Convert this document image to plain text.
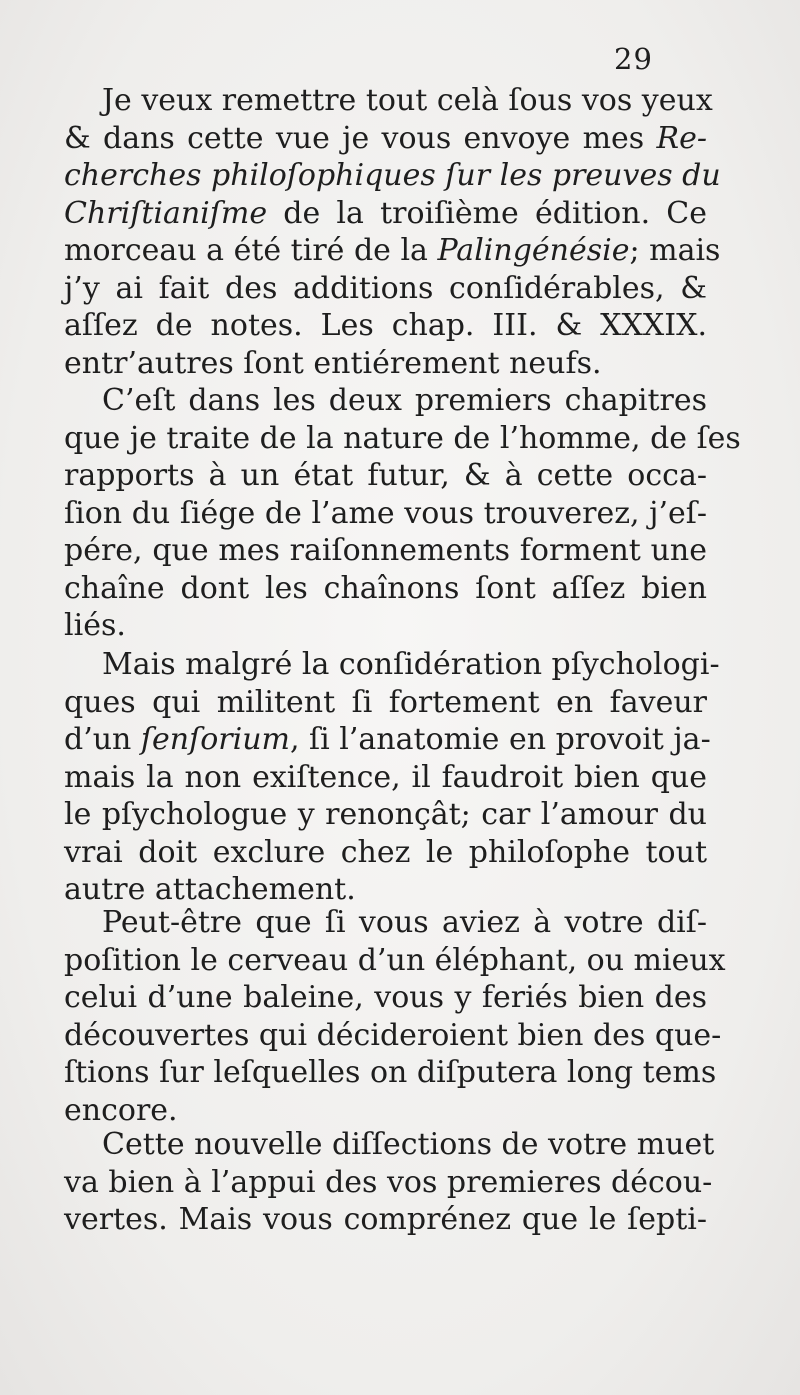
29
Je veux remettre tout celà ſous vos yeux
& dans cette vue je vous envoye mes Re-
cherches philoſophiques ſur les preuves du
Chriſtianiſme de la troiſième édition. Ce
morceau a été tiré de la Palingénésie; mais
j’y ai fait des additions conſidérables, &
aſſez de notes. Les chap. III. & XXXIX.
entr’autres ſont entiérement neufs.
C’eſt dans les deux premiers chapitres
que je traite de la nature de l’homme, de ſes
rapports à un état futur, & à cette occa-
ſion du ſiége de l’ame vous trouverez, j’eſ-
pére, que mes raiſonnements forment une
chaîne dont les chaînons ſont aſſez bien
liés.
Mais malgré la conſidération pſychologi-
ques qui militent ſi fortement en faveur
d’un ſenſorium, ſi l’anatomie en provoit ja-
mais la non exiſtence, il faudroit bien que
le pſychologue y renonçât; car l’amour du
vrai doit exclure chez le philoſophe tout
autre attachement.
Peut-être que ſi vous aviez à votre diſ-
poſition le cerveau d’un éléphant, ou mieux
celui d’une baleine, vous y feriés bien des
découvertes qui décideroient bien des que-
ſtions ſur leſquelles on diſputera long tems
encore.
Cette nouvelle diſſections de votre muet
va bien à l’appui des vos premieres décou-
vertes. Mais vous comprénez que le ſepti-
